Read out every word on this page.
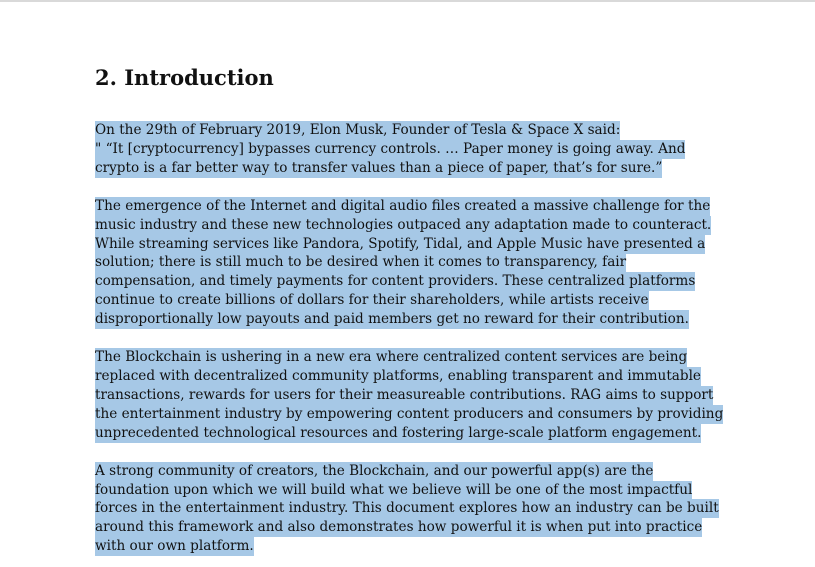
2. Introduction

On the 29th of February 2019, Elon Musk, Founder of Tesla & Space X said:
" “It [cryptocurrency] bypasses currency controls. … Paper money is going away. And
crypto is a far better way to transfer values than a piece of paper, that’s for sure.”

The emergence of the Internet and digital audio files created a massive challenge for the
music industry and these new technologies outpaced any adaptation made to counteract.
While streaming services like Pandora, Spotify, Tidal, and Apple Music have presented a
solution; there is still much to be desired when it comes to transparency, fair
compensation, and timely payments for content providers. These centralized platforms
continue to create billions of dollars for their shareholders, while artists receive
disproportionally low payouts and paid members get no reward for their contribution.

The Blockchain is ushering in a new era where centralized content services are being
replaced with decentralized community platforms, enabling transparent and immutable
transactions, rewards for users for their measureable contributions. RAG aims to support
the entertainment industry by empowering content producers and consumers by providing
unprecedented technological resources and fostering large-scale platform engagement.

A strong community of creators, the Blockchain, and our powerful app(s) are the
foundation upon which we will build what we believe will be one of the most impactful
forces in the entertainment industry. This document explores how an industry can be built
around this framework and also demonstrates how powerful it is when put into practice
with our own platform.
